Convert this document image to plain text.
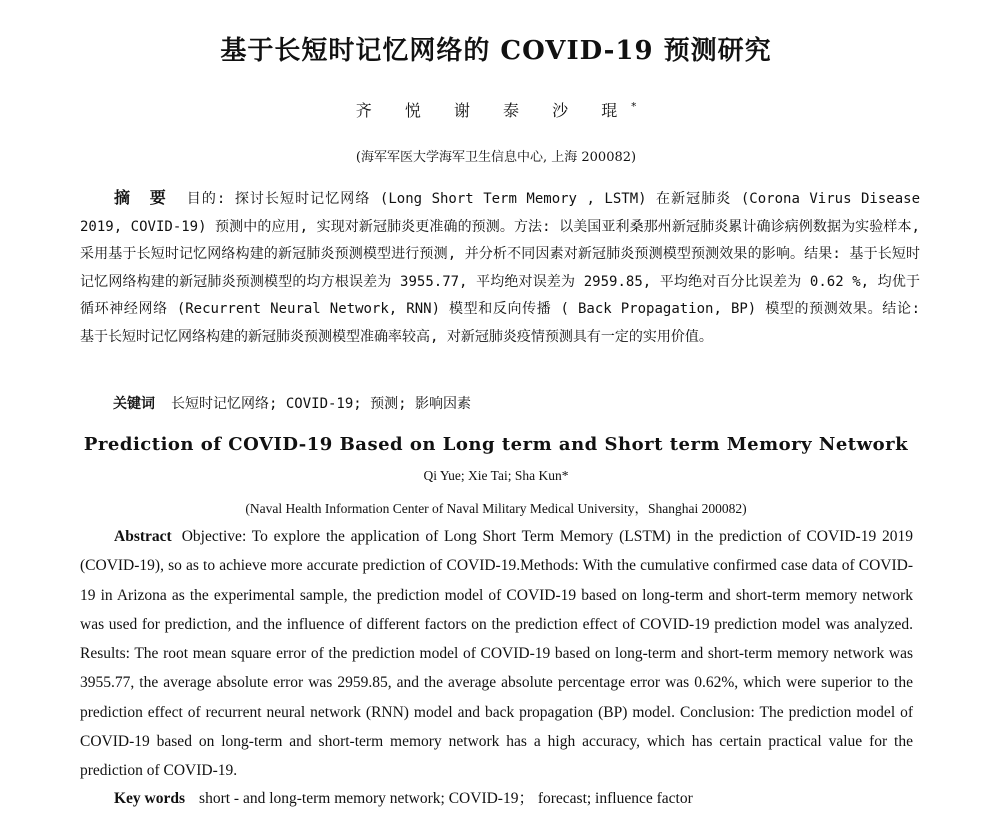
基于长短时记忆网络的 COVID-19 预测研究
齐 悦 谢 泰 沙 琨*
(海军军医大学海军卫生信息中心, 上海 200082)
摘 要 目的: 探讨长短时记忆网络 (Long Short Term Memory , LSTM) 在新冠肺炎 (Corona Virus Disease 2019, COVID-19) 预测中的应用, 实现对新冠肺炎更准确的预测。方法: 以美国亚利桑那州新冠肺炎累计确诊病例数据为实验样本, 采用基于长短时记忆网络构建的新冠肺炎预测模型进行预测, 并分析不同因素对新冠肺炎预测模型预测效果的影响。结果: 基于长短时记忆网络构建的新冠肺炎预测模型的均方根误差为 3955.77, 平均绝对误差为 2959.85, 平均绝对百分比误差为 0.62 %, 均优于循环神经网络 (Recurrent Neural Network, RNN) 模型和反向传播 ( Back Propagation, BP) 模型的预测效果。结论: 基于长短时记忆网络构建的新冠肺炎预测模型准确率较高, 对新冠肺炎疫情预测具有一定的实用价值。
关键词 长短时记忆网络; COVID-19; 预测; 影响因素
Prediction of COVID-19 Based on Long term and Short term Memory Network
Qi Yue; Xie Tai; Sha Kun*
(Naval Health Information Center of Naval Military Medical University，Shanghai 200082)
Abstract Objective: To explore the application of Long Short Term Memory (LSTM) in the prediction of COVID-19 2019 (COVID-19), so as to achieve more accurate prediction of COVID-19.Methods: With the cumulative confirmed case data of COVID-19 in Arizona as the experimental sample, the prediction model of COVID-19 based on long-term and short-term memory network was used for prediction, and the influence of different factors on the prediction effect of COVID-19 prediction model was analyzed. Results: The root mean square error of the prediction model of COVID-19 based on long-term and short-term memory network was 3955.77, the average absolute error was 2959.85, and the average absolute percentage error was 0.62%, which were superior to the prediction effect of recurrent neural network (RNN) model and back propagation (BP) model. Conclusion: The prediction model of COVID-19 based on long-term and short-term memory network has a high accuracy, which has certain practical value for the prediction of COVID-19.
Key words short - and long-term memory network; COVID-19； forecast; influence factor
